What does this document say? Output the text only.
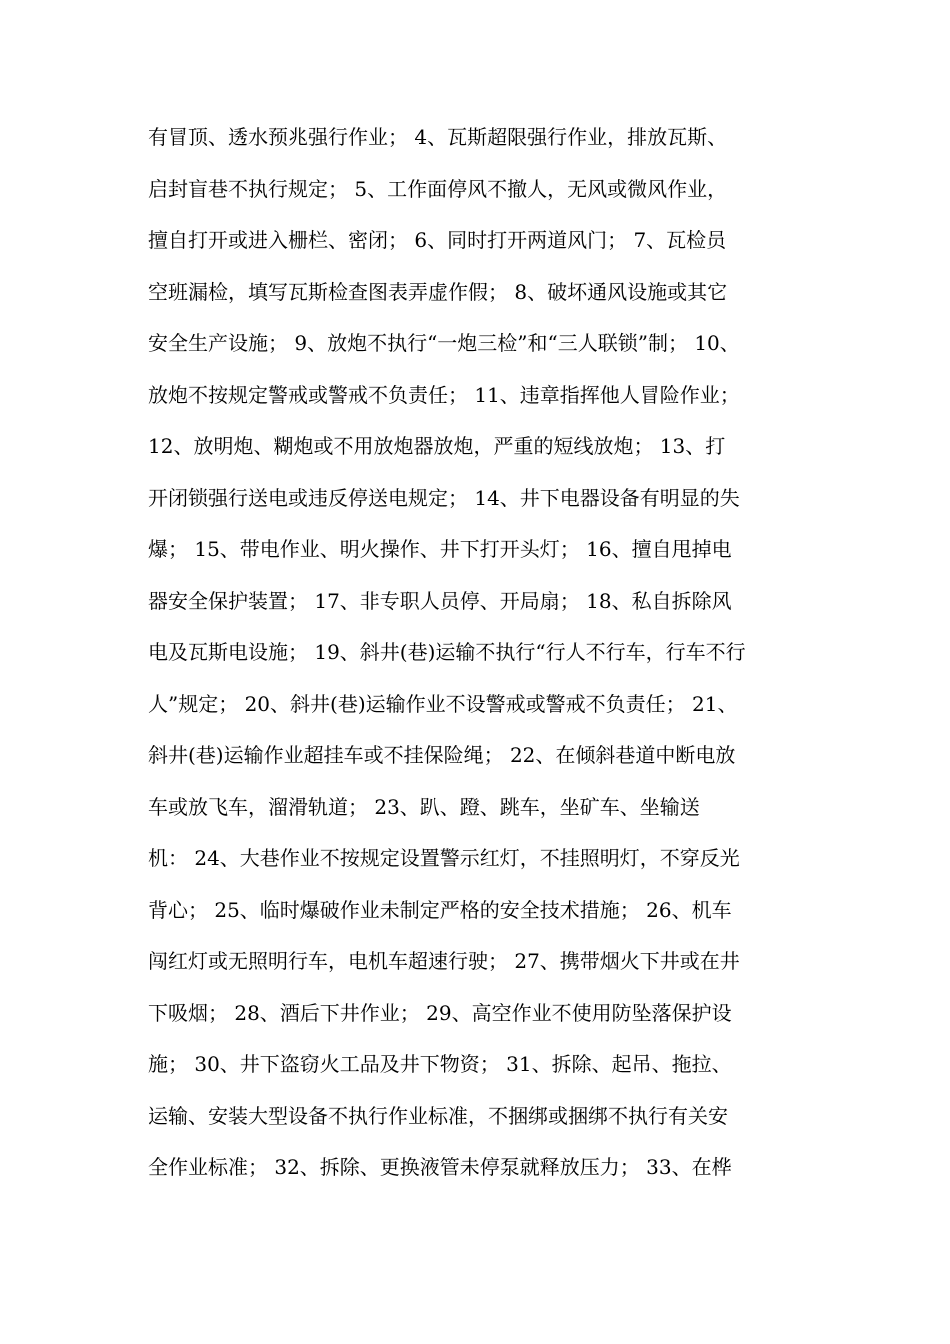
有冒顶、透水预兆强行作业； 4、瓦斯超限强行作业，排放瓦斯、
启封盲巷不执行规定； 5、工作面停风不撤人，无风或微风作业，
擅自打开或进入栅栏、密闭； 6、同时打开两道风门； 7、瓦检员
空班漏检，填写瓦斯检查图表弄虚作假； 8、破坏通风设施或其它
安全生产设施； 9、放炮不执行“一炮三检”和“三人联锁”制； 10、
放炮不按规定警戒或警戒不负责任； 11、违章指挥他人冒险作业；
12、放明炮、糊炮或不用放炮器放炮，严重的短线放炮； 13、打
开闭锁强行送电或违反停送电规定； 14、井下电器设备有明显的失
爆； 15、带电作业、明火操作、井下打开头灯； 16、擅自甩掉电
器安全保护装置； 17、非专职人员停、开局扇； 18、私自拆除风
电及瓦斯电设施； 19、斜井(巷)运输不执行“行人不行车，行车不行
人”规定； 20、斜井(巷)运输作业不设警戒或警戒不负责任； 21、
斜井(巷)运输作业超挂车或不挂保险绳； 22、在倾斜巷道中断电放
车或放飞车，溜滑轨道； 23、趴、蹬、跳车，坐矿车、坐输送
机： 24、大巷作业不按规定设置警示红灯，不挂照明灯，不穿反光
背心； 25、临时爆破作业未制定严格的安全技术措施； 26、机车
闯红灯或无照明行车，电机车超速行驶； 27、携带烟火下井或在井
下吸烟； 28、酒后下井作业； 29、高空作业不使用防坠落保护设
施； 30、井下盗窃火工品及井下物资； 31、拆除、起吊、拖拉、
运输、安装大型设备不执行作业标准，不捆绑或捆绑不执行有关安
全作业标准； 32、拆除、更换液管未停泵就释放压力； 33、在桦
